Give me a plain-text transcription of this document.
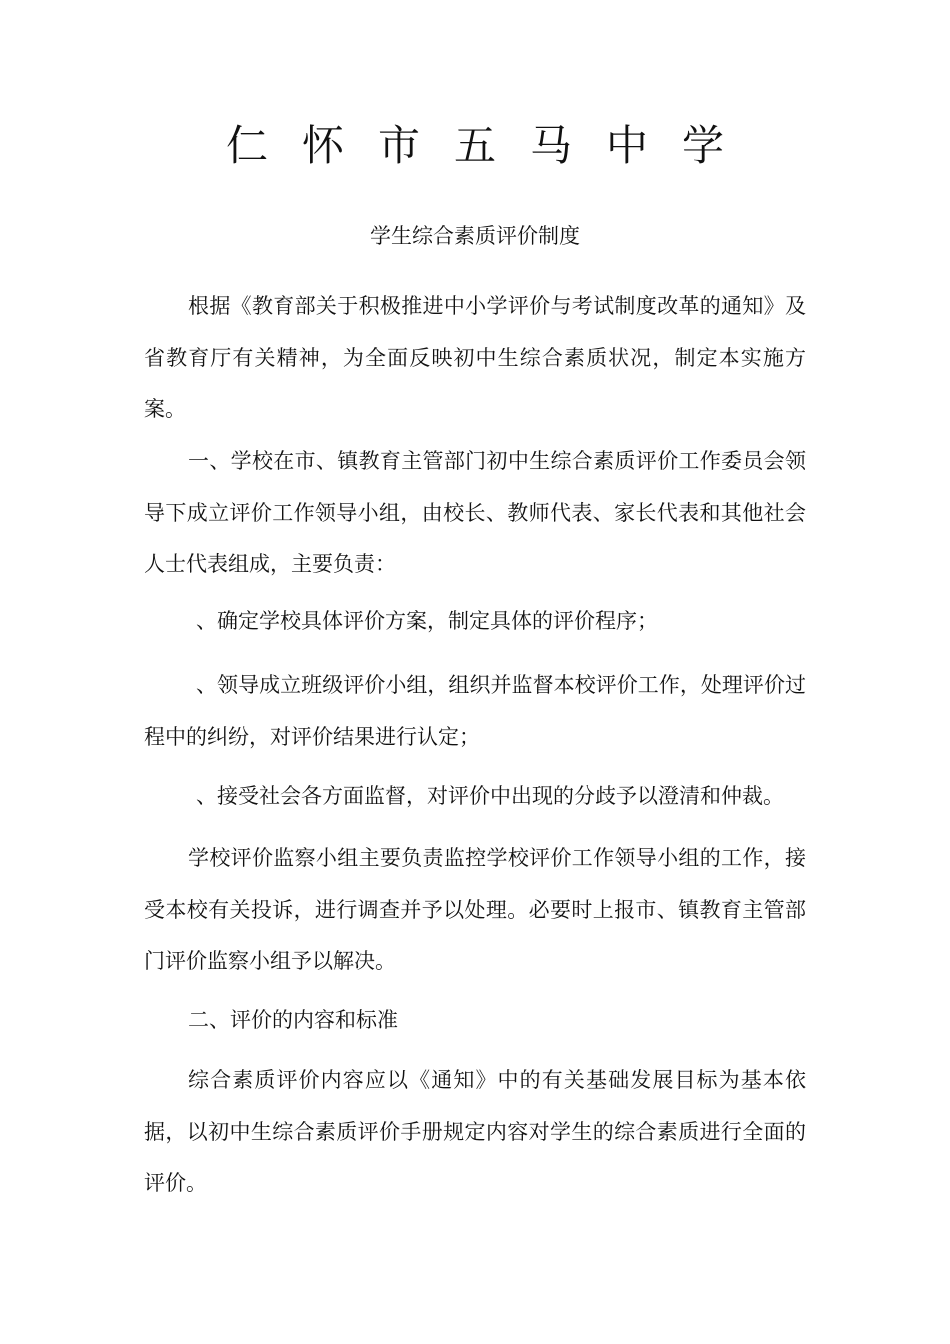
仁怀市五马中学
学生综合素质评价制度
根据《教育部关于积极推进中小学评价与考试制度改革的通知》及省教育厅有关精神，为全面反映初中生综合素质状况，制定本实施方案。
一、学校在市、镇教育主管部门初中生综合素质评价工作委员会领导下成立评价工作领导小组，由校长、教师代表、家长代表和其他社会人士代表组成，主要负责：
、确定学校具体评价方案，制定具体的评价程序；
、领导成立班级评价小组，组织并监督本校评价工作，处理评价过程中的纠纷，对评价结果进行认定；
、接受社会各方面监督，对评价中出现的分歧予以澄清和仲裁。
学校评价监察小组主要负责监控学校评价工作领导小组的工作，接受本校有关投诉，进行调查并予以处理。必要时上报市、镇教育主管部门评价监察小组予以解决。
二、评价的内容和标准
综合素质评价内容应以《通知》中的有关基础发展目标为基本依据，以初中生综合素质评价手册规定内容对学生的综合素质进行全面的评价。
